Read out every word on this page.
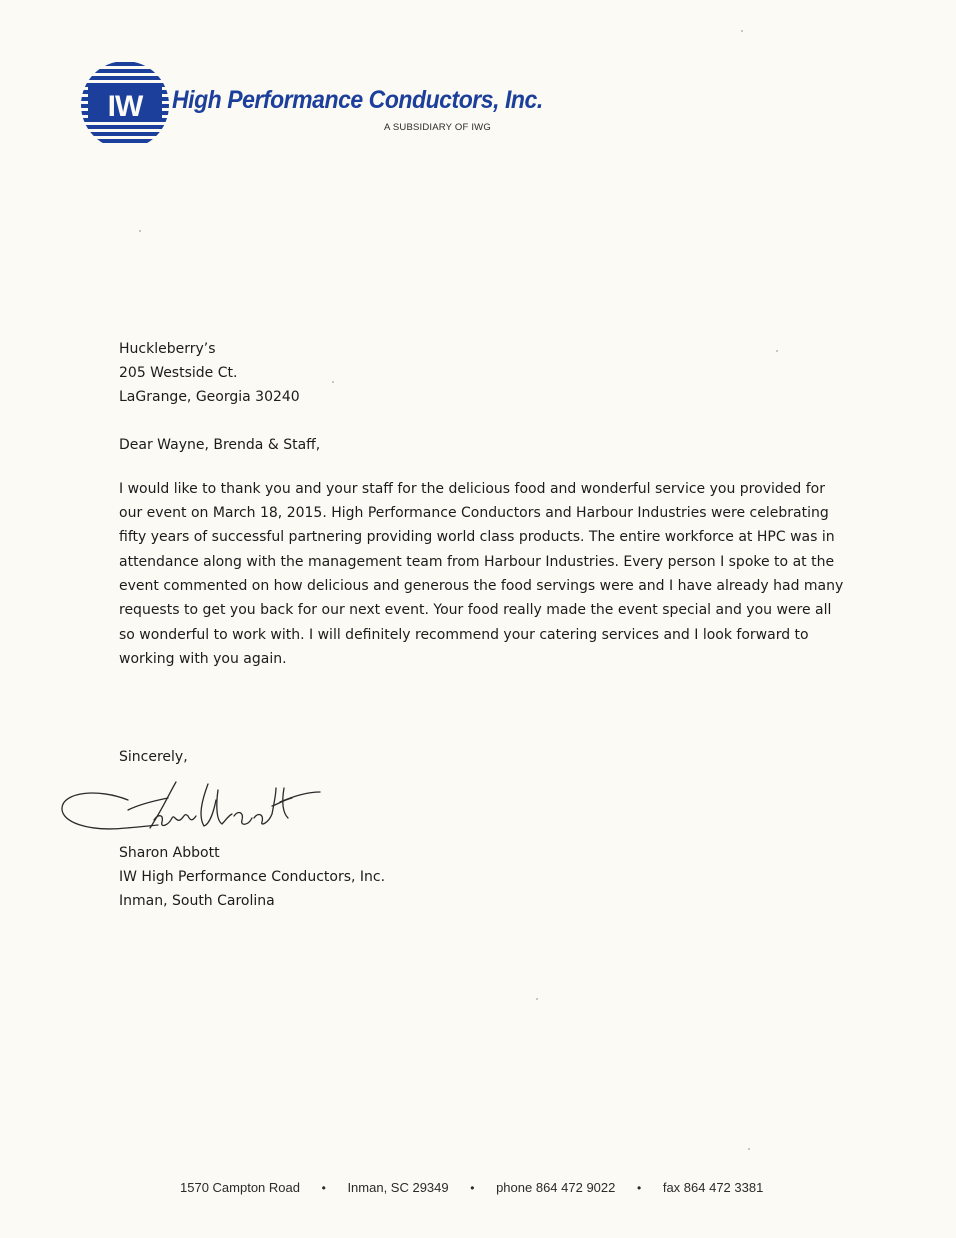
IW High Performance Conductors, Inc.
A SUBSIDIARY OF IWG
Huckleberry’s
205 Westside Ct.
LaGrange, Georgia 30240
Dear Wayne, Brenda & Staff,
I would like to thank you and your staff for the delicious food and wonderful service you provided for
our event on March 18, 2015. High Performance Conductors and Harbour Industries were celebrating
fifty years of successful partnering providing world class products. The entire workforce at HPC was in
attendance along with the management team from Harbour Industries. Every person I spoke to at the
event commented on how delicious and generous the food servings were and I have already had many
requests to get you back for our next event. Your food really made the event special and you were all
so wonderful to work with. I will definitely recommend your catering services and I look forward to
working with you again.
Sincerely,
Sharon Abbott
IW High Performance Conductors, Inc.
Inman, South Carolina
1570 Campton Road • Inman, SC 29349 • phone 864 472 9022 • fax 864 472 3381
